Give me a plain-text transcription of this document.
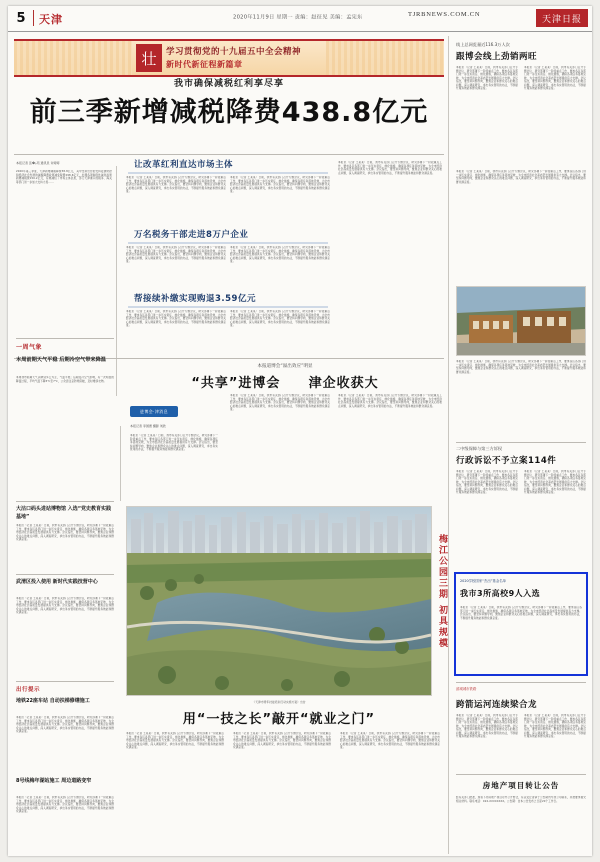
5	天津	2020年11月9日 星期一 责编：赵征见 美编：孟宪东	TJRBNEWS.COM.CN	天津日报
壮	学习贯彻党的十九届五中全会精神
新时代新征程新篇章
我市确保减税红利享尽享
前三季新增减税降费438.8亿元
本报记者 张�ர苑 通讯员 许婷婷
2020年第三季度，天津新增减税降费38.8亿元，其中支持出台的支持疫情防控和经济社会发展的减税降费政策减免税费298.6亿元，处理各项制度性减免政策新增减税费150.2亿元，有效减轻了市场主体负担，部门天津港口的税务、海关等部门进一步加大支持力度……
让改革红利直达市场主体
万名税务干部走进8万户企业
帮接续补缴实现购退3.59亿元
本报讯（记者 王某某）日前，我市有关部门召开专题会议，研究部署下一阶段重点工作，要求各区各部门进一步压实责任、细化措施，确保各项任务落地见效，为全市经济社会高质量发展提供有力支撑。会议指出，要坚持问题导向，聚焦企业和群众关心的难点问题，深入调查研究，拿出务实管用的办法，不断提升服务效能和群众满意度。
本报讯（记者 王某某）日前，我市有关部门召开专题会议，研究部署下一阶段重点工作，要求各区各部门进一步压实责任、细化措施，确保各项任务落地见效，为全市经济社会高质量发展提供有力支撑。会议指出，要坚持问题导向，聚焦企业和群众关心的难点问题，深入调查研究，拿出务实管用的办法，不断提升服务效能和群众满意度。
本报讯（记者 王某某）日前，我市有关部门召开专题会议，研究部署下一阶段重点工作，要求各区各部门进一步压实责任、细化措施，确保各项任务落地见效，为全市经济社会高质量发展提供有力支撑。会议指出，要坚持问题导向，聚焦企业和群众关心的难点问题，深入调查研究，拿出务实管用的办法，不断提升服务效能和群众满意度。
本报讯（记者 王某某）日前，我市有关部门召开专题会议，研究部署下一阶段重点工作，要求各区各部门进一步压实责任、细化措施，确保各项任务落地见效，为全市经济社会高质量发展提供有力支撑。会议指出，要坚持问题导向，聚焦企业和群众关心的难点问题，深入调查研究，拿出务实管用的办法，不断提升服务效能和群众满意度。
本报讯（记者 王某某）日前，我市有关部门召开专题会议，研究部署下一阶段重点工作，要求各区各部门进一步压实责任、细化措施，确保各项任务落地见效，为全市经济社会高质量发展提供有力支撑。会议指出，要坚持问题导向，聚焦企业和群众关心的难点问题，深入调查研究，拿出务实管用的办法，不断提升服务效能和群众满意度。
本报讯（记者 王某某）日前，我市有关部门召开专题会议，研究部署下一阶段重点工作，要求各区各部门进一步压实责任、细化措施，确保各项任务落地见效，为全市经济社会高质量发展提供有力支撑。会议指出，要坚持问题导向，聚焦企业和群众关心的难点问题，深入调查研究，拿出务实管用的办法，不断提升服务效能和群众满意度。
本报讯（记者 王某某）日前，我市有关部门召开专题会议，研究部署下一阶段重点工作，要求各区各部门进一步压实责任、细化措施，确保各项任务落地见效，为全市经济社会高质量发展提供有力支撑。会议指出，要坚持问题导向，聚焦企业和群众关心的难点问题，深入调查研究，拿出务实管用的办法，不断提升服务效能和群众满意度。
一周气象
本周前期天气平稳 后期冷空气带来降温
本周我市前期天气以晴到多云为主，气温平稳；后期受冷空气影响，有一次明显的降温过程，平均气温下降5℃至7℃，公众需注意防寒保暖，及时增添衣物。
大沽口码头进站博物馆 入选“党史教育实践基地”
本报讯（记者 王某某）日前，我市有关部门召开专题会议，研究部署下一阶段重点工作，要求各区各部门进一步压实责任、细化措施，确保各项任务落地见效，为全市经济社会高质量发展提供有力支撑。会议指出，要坚持问题导向，聚焦企业和群众关心的难点问题，深入调查研究，拿出务实管用的办法，不断提升服务效能和群众满意度。
武清区投入使用 新时代实践技营中心
本报讯（记者 王某某）日前，我市有关部门召开专题会议，研究部署下一阶段重点工作，要求各区各部门进一步压实责任、细化措施，确保各项任务落地见效，为全市经济社会高质量发展提供有力支撑。会议指出，要坚持问题导向，聚焦企业和群众关心的难点问题，深入调查研究，拿出务实管用的办法，不断提升服务效能和群众满意度。
出行提示
地铁22座车站 自动扶梯修缮施工
本报讯（记者 王某某）日前，我市有关部门召开专题会议，研究部署下一阶段重点工作，要求各区各部门进一步压实责任、细化措施，确保各项任务落地见效，为全市经济社会高质量发展提供有力支撑。会议指出，要坚持问题导向，聚焦企业和群众关心的难点问题，深入调查研究，拿出务实管用的办法，不断提升服务效能和群众满意度。
8号线梅年湖站施工 周边道路变窄
本报讯（记者 王某某）日前，我市有关部门召开专题会议，研究部署下一阶段重点工作，要求各区各部门进一步压实责任、细化措施，确保各项任务落地见效，为全市经济社会高质量发展提供有力支撑。会议指出，要坚持问题导向，聚焦企业和群众关心的难点问题，深入调查研究，拿出务实管用的办法，不断提升服务效能和群众满意度。
本报道博会“溢出效应”明显
“共享”进博会 津企收获大
进博会·津消息
本报记者 李国惠 摄影 刘欣
本报讯（记者 王某某）日前，我市有关部门召开专题会议，研究部署下一阶段重点工作，要求各区各部门进一步压实责任、细化措施，确保各项任务落地见效，为全市经济社会高质量发展提供有力支撑。会议指出，要坚持问题导向，聚焦企业和群众关心的难点问题，深入调查研究，拿出务实管用的办法，不断提升服务效能和群众满意度。
本报讯（记者 王某某）日前，我市有关部门召开专题会议，研究部署下一阶段重点工作，要求各区各部门进一步压实责任、细化措施，确保各项任务落地见效，为全市经济社会高质量发展提供有力支撑。会议指出，要坚持问题导向，聚焦企业和群众关心的难点问题，深入调查研究，拿出务实管用的办法，不断提升服务效能和群众满意度。
本报讯（记者 王某某）日前，我市有关部门召开专题会议，研究部署下一阶段重点工作，要求各区各部门进一步压实责任、细化措施，确保各项任务落地见效，为全市经济社会高质量发展提供有力支撑。会议指出，要坚持问题导向，聚焦企业和群众关心的难点问题，深入调查研究，拿出务实管用的办法，不断提升服务效能和群众满意度。
梅江公园三期 初具规模
《天津市青年技能培训行动实施方案》出台
用“一技之长”敲开“就业之门”
本报讯（记者 王某某）日前，我市有关部门召开专题会议，研究部署下一阶段重点工作，要求各区各部门进一步压实责任、细化措施，确保各项任务落地见效，为全市经济社会高质量发展提供有力支撑。会议指出，要坚持问题导向，聚焦企业和群众关心的难点问题，深入调查研究，拿出务实管用的办法，不断提升服务效能和群众满意度。
本报讯（记者 王某某）日前，我市有关部门召开专题会议，研究部署下一阶段重点工作，要求各区各部门进一步压实责任、细化措施，确保各项任务落地见效，为全市经济社会高质量发展提供有力支撑。会议指出，要坚持问题导向，聚焦企业和群众关心的难点问题，深入调查研究，拿出务实管用的办法，不断提升服务效能和群众满意度。
本报讯（记者 王某某）日前，我市有关部门召开专题会议，研究部署下一阶段重点工作，要求各区各部门进一步压实责任、细化措施，确保各项任务落地见效，为全市经济社会高质量发展提供有力支撑。会议指出，要坚持问题导向，聚焦企业和群众关心的难点问题，深入调查研究，拿出务实管用的办法，不断提升服务效能和群众满意度。
线上总网览量近116.3万人次
跟博会线上劲销两旺
本报讯（记者 王某某）日前，我市有关部门召开专题会议，研究部署下一阶段重点工作，要求各区各部门进一步压实责任、细化措施，确保各项任务落地见效，为全市经济社会高质量发展提供有力支撑。会议指出，要坚持问题导向，聚焦企业和群众关心的难点问题，深入调查研究，拿出务实管用的办法，不断提升服务效能和群众满意度。
本报讯（记者 王某某）日前，我市有关部门召开专题会议，研究部署下一阶段重点工作，要求各区各部门进一步压实责任、细化措施，确保各项任务落地见效，为全市经济社会高质量发展提供有力支撑。会议指出，要坚持问题导向，聚焦企业和群众关心的难点问题，深入调查研究，拿出务实管用的办法，不断提升服务效能和群众满意度。
本报讯（记者 王某某）日前，我市有关部门召开专题会议，研究部署下一阶段重点工作，要求各区各部门进一步压实责任、细化措施，确保各项任务落地见效，为全市经济社会高质量发展提供有力支撑。会议指出，要坚持问题导向，聚焦企业和群众关心的难点问题，深入调查研究，拿出务实管用的办法，不断提升服务效能和群众满意度。
本报讯（记者 王某某）日前，我市有关部门召开专题会议，研究部署下一阶段重点工作，要求各区各部门进一步压实责任、细化措施，确保各项任务落地见效，为全市经济社会高质量发展提供有力支撑。会议指出，要坚持问题导向，聚焦企业和群众关心的难点问题，深入调查研究，拿出务实管用的办法，不断提升服务效能和群众满意度。
二中级保障与第三方诉权
行政诉讼不予立案114件
本报讯（记者 王某某）日前，我市有关部门召开专题会议，研究部署下一阶段重点工作，要求各区各部门进一步压实责任、细化措施，确保各项任务落地见效，为全市经济社会高质量发展提供有力支撑。会议指出，要坚持问题导向，聚焦企业和群众关心的难点问题，深入调查研究，拿出务实管用的办法，不断提升服务效能和群众满意度。
本报讯（记者 王某某）日前，我市有关部门召开专题会议，研究部署下一阶段重点工作，要求各区各部门进一步压实责任、细化措施，确保各项任务落地见效，为全市经济社会高质量发展提供有力支撑。会议指出，要坚持问题导向，聚焦企业和群众关心的难点问题，深入调查研究，拿出务实管用的办法，不断提升服务效能和群众满意度。
2020学校国家“杰出”基金名单
我市3所高校9人入选
本报讯（记者 王某某）日前，我市有关部门召开专题会议，研究部署下一阶段重点工作，要求各区各部门进一步压实责任、细化措施，确保各项任务落地见效，为全市经济社会高质量发展提供有力支撑。会议指出，要坚持问题导向，聚焦企业和群众关心的难点问题，深入调查研究，拿出务实管用的办法，不断提升服务效能和群众满意度。
滨城城市铁路
跨箭运河连续梁合龙
本报讯（记者 王某某）日前，我市有关部门召开专题会议，研究部署下一阶段重点工作，要求各区各部门进一步压实责任、细化措施，确保各项任务落地见效，为全市经济社会高质量发展提供有力支撑。会议指出，要坚持问题导向，聚焦企业和群众关心的难点问题，深入调查研究，拿出务实管用的办法，不断提升服务效能和群众满意度。
本报讯（记者 王某某）日前，我市有关部门召开专题会议，研究部署下一阶段重点工作，要求各区各部门进一步压实责任、细化措施，确保各项任务落地见效，为全市经济社会高质量发展提供有力支撑。会议指出，要坚持问题导向，聚焦企业和群众关心的难点问题，深入调查研究，拿出务实管用的办法，不断提升服务效能和群众满意度。
房地产项目转让公告
经有关部门批准，现将下列房地产项目对外公开转让，有意受让者请于公告期内与我公司联系，并按要求提交相关材料。联系电话：022-XXXXXXXX。公告期：自本公告发布之日起20个工作日。
